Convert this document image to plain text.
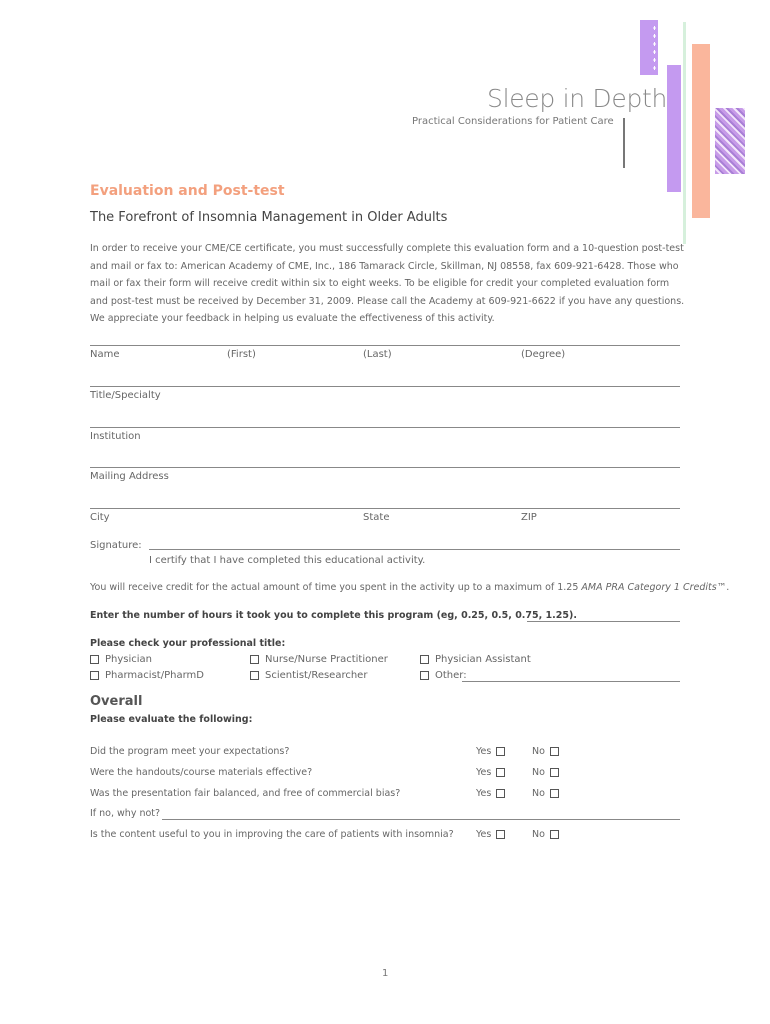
Sleep in Depth
Practical Considerations for Patient Care
Evaluation and Post-test
The Forefront of Insomnia Management in Older Adults
In order to receive your CME/CE certificate, you must successfully complete this evaluation form and a 10-question post-test and mail or fax to: American Academy of CME, Inc., 186 Tamarack Circle, Skillman, NJ 08558, fax 609-921-6428. Those who mail or fax their form will receive credit within six to eight weeks. To be eligible for credit your completed evaluation form and post-test must be received by December 31, 2009. Please call the Academy at 609-921-6622 if you have any questions. We appreciate your feedback in helping us evaluate the effectiveness of this activity.
Name	(First)	(Last)	(Degree)
Title/Specialty
Institution
Mailing Address
City	State	ZIP
Signature:
I certify that I have completed this educational activity.
You will receive credit for the actual amount of time you spent in the activity up to a maximum of 1.25 AMA PRA Category 1 Credits™.
Enter the number of hours it took you to complete this program (eg, 0.25, 0.5, 0.75, 1.25).
Please check your professional title:
Physician	Nurse/Nurse Practitioner	Physician Assistant
Pharmacist/PharmD	Scientist/Researcher	Other:
Overall
Please evaluate the following:
Did the program meet your expectations?	Yes	No
Were the handouts/course materials effective?	Yes	No
Was the presentation fair balanced, and free of commercial bias?	Yes	No
If no, why not?
Is the content useful to you in improving the care of patients with insomnia? Yes	No
1
